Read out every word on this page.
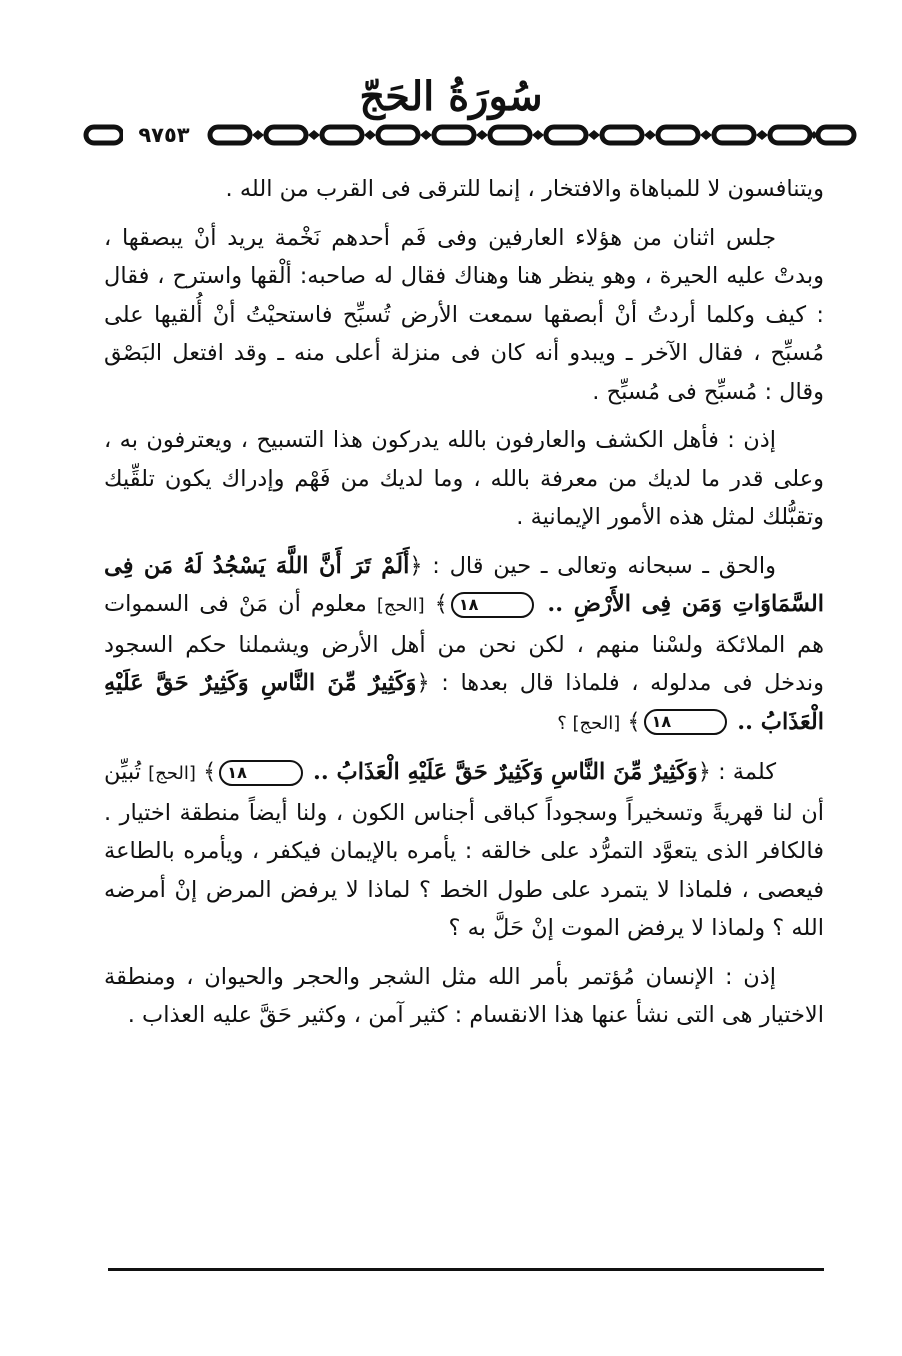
سُورَةُ الحَجّ
٩٧٥٣

ويتنافسون لا للمباهاة والافتخار ، إنما للترقى فى القرب من الله .

جلس اثنان من هؤلاء العارفين وفى فَم أحدهم نَخْمة يريد أنْ يبصقها ، وبدتْ عليه الحيرة ، وهو ينظر هنا وهناك فقال له صاحبه: ألْقها واسترح ، فقال : كيف وكلما أردتُ أنْ أبصقها سمعت الأرض تُسبِّح فاستحيْتُ أنْ أُلقيها على مُسبِّح ، فقال الآخر ـ ويبدو أنه كان فى منزلة أعلى منه ـ وقد افتعل البَصْق وقال : مُسبِّح فى مُسبِّح .

إذن : فأهل الكشف والعارفون بالله يدركون هذا التسبيح ، ويعترفون به ، وعلى قدر ما لديك من معرفة بالله ، وما لديك من فَهْم وإدراك يكون تلقِّيك وتقبُّلك لمثل هذه الأمور الإيمانية .

والحق ـ سبحانه وتعالى ـ حين قال : ﴿أَلَمْ تَرَ أَنَّ اللَّهَ يَسْجُدُ لَهُ مَن فِى السَّمَاوَاتِ وَمَن فِى الأَرْضِ .. ١٨﴾ [الحج] معلوم أن مَنْ فى السموات هم الملائكة ولسْنا منهم ، لكن نحن من أهل الأرض ويشملنا حكم السجود وندخل فى مدلوله ، فلماذا قال بعدها : ﴿وَكَثِيرٌ مِّنَ النَّاسِ وَكَثِيرٌ حَقَّ عَلَيْهِ الْعَذَابُ .. ١٨﴾ [الحج] ؟

كلمة : ﴿وَكَثِيرٌ مِّنَ النَّاسِ وَكَثِيرٌ حَقَّ عَلَيْهِ الْعَذَابُ .. ١٨﴾ [الحج] تُبيِّن أن لنا قهريةً وتسخيراً وسجوداً كباقى أجناس الكون ، ولنا أيضاً منطقة اختيار . فالكافر الذى يتعوَّد التمرُّد على خالقه : يأمره بالإيمان فيكفر ، ويأمره بالطاعة فيعصى ، فلماذا لا يتمرد على طول الخط ؟ لماذا لا يرفض المرض إنْ أمرضه الله ؟ ولماذا لا يرفض الموت إنْ حَلَّ به ؟

إذن : الإنسان مُؤتمر بأمر الله مثل الشجر والحجر والحيوان ، ومنطقة الاختيار هى التى نشأ عنها هذا الانقسام : كثير آمن ، وكثير حَقَّ عليه العذاب .
